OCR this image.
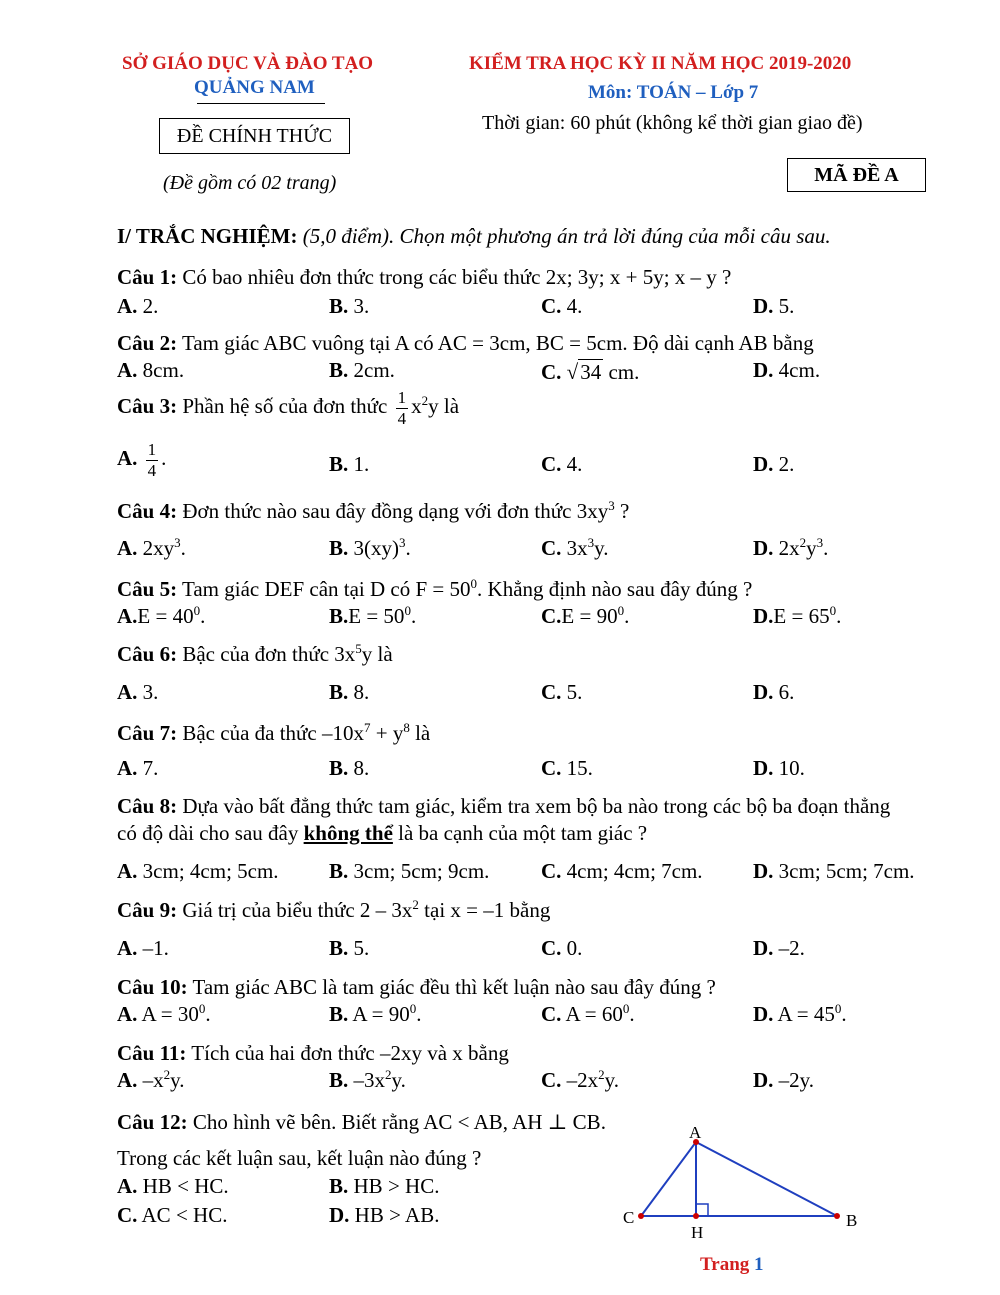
SỞ GIÁO DỤC VÀ ĐÀO TẠO
QUẢNG NAM
ĐỀ CHÍNH THỨC
(Đề gồm có 02 trang)
KIỂM TRA HỌC KỲ II NĂM HỌC 2019-2020
Môn: TOÁN – Lớp 7
Thời gian: 60 phút (không kể thời gian giao đề)
MÃ ĐỀ A
I/ TRẮC NGHIỆM: (5,0 điểm). Chọn một phương án trả lời đúng của mỗi câu sau.
Câu 1: Có bao nhiêu đơn thức trong các biểu thức 2x; 3y; x + 5y; x – y ?
A. 2.	B. 3.	C. 4.	D. 5.
Câu 2: Tam giác ABC vuông tại A có AC = 3cm, BC = 5cm. Độ dài cạnh AB bằng
A. 8cm.	B. 2cm.	C. √34 cm.	D. 4cm.
Câu 3: Phần hệ số của đơn thức $\frac{1}{4} x^2y$ là
A. $\frac{1}{4}$ .	B. 1.	C. 4.	D. 2.
Câu 4: Đơn thức nào sau đây đồng dạng với đơn thức $3xy^3$ ?
A. $2xy^3$.	B. 3(xy)$^3$.	C. $3x^3y$.	D. $2x^2y^3$.
Câu 5: Tam giác DEF cân tại D có $F = 50^0$. Khẳng định nào sau đây đúng ?
$A.E = 40^0$.	$B.E = 50^0$.	$C.E = 90^0$.	$D.E = 65^0$.
Câu 6: Bậc của đơn thức $3x^5y$ là
A. 3.	B. 8.	C. 5.	D. 6.
Câu 7: Bậc của đa thức $-10x^7 + y^8$ là
A. 7.	B. 8.	C. 15.	D. 10.
Câu 8: Dựa vào bất đẳng thức tam giác, kiểm tra xem bộ ba nào trong các bộ ba đoạn thẳng
có độ dài cho sau đây không thể là ba cạnh của một tam giác ?
A. 3cm; 4cm; 5cm. B. 3cm; 5cm; 9cm. C. 4cm; 4cm; 7cm. D. 3cm; 5cm; 7cm.
Câu 9: Giá trị của biểu thức $2 - 3x^2$ tại x = –1 bằng
A. –1.	B. 5.	C. 0.	D. –2.
Câu 10: Tam giác ABC là tam giác đều thì kết luận nào sau đây đúng ?
A. $A = 30^0$.	B. $A = 90^0$.	C. $A = 60^0$.	D. $A = 45^0$.
Câu 11: Tích của hai đơn thức –2xy và x bằng
A. $-x^2y$.	B. $-3x^2y$.	C. $-2x^2y$.	D. –2y.
Câu 12: Cho hình vẽ bên. Biết rằng AC < AB, AH ⊥ CB.
Trong các kết luận sau, kết luận nào đúng ?
A. HB < HC.	B. HB > HC.
C. AC < HC.	D. HB > AB.
A
C	B
H
Trang 1
